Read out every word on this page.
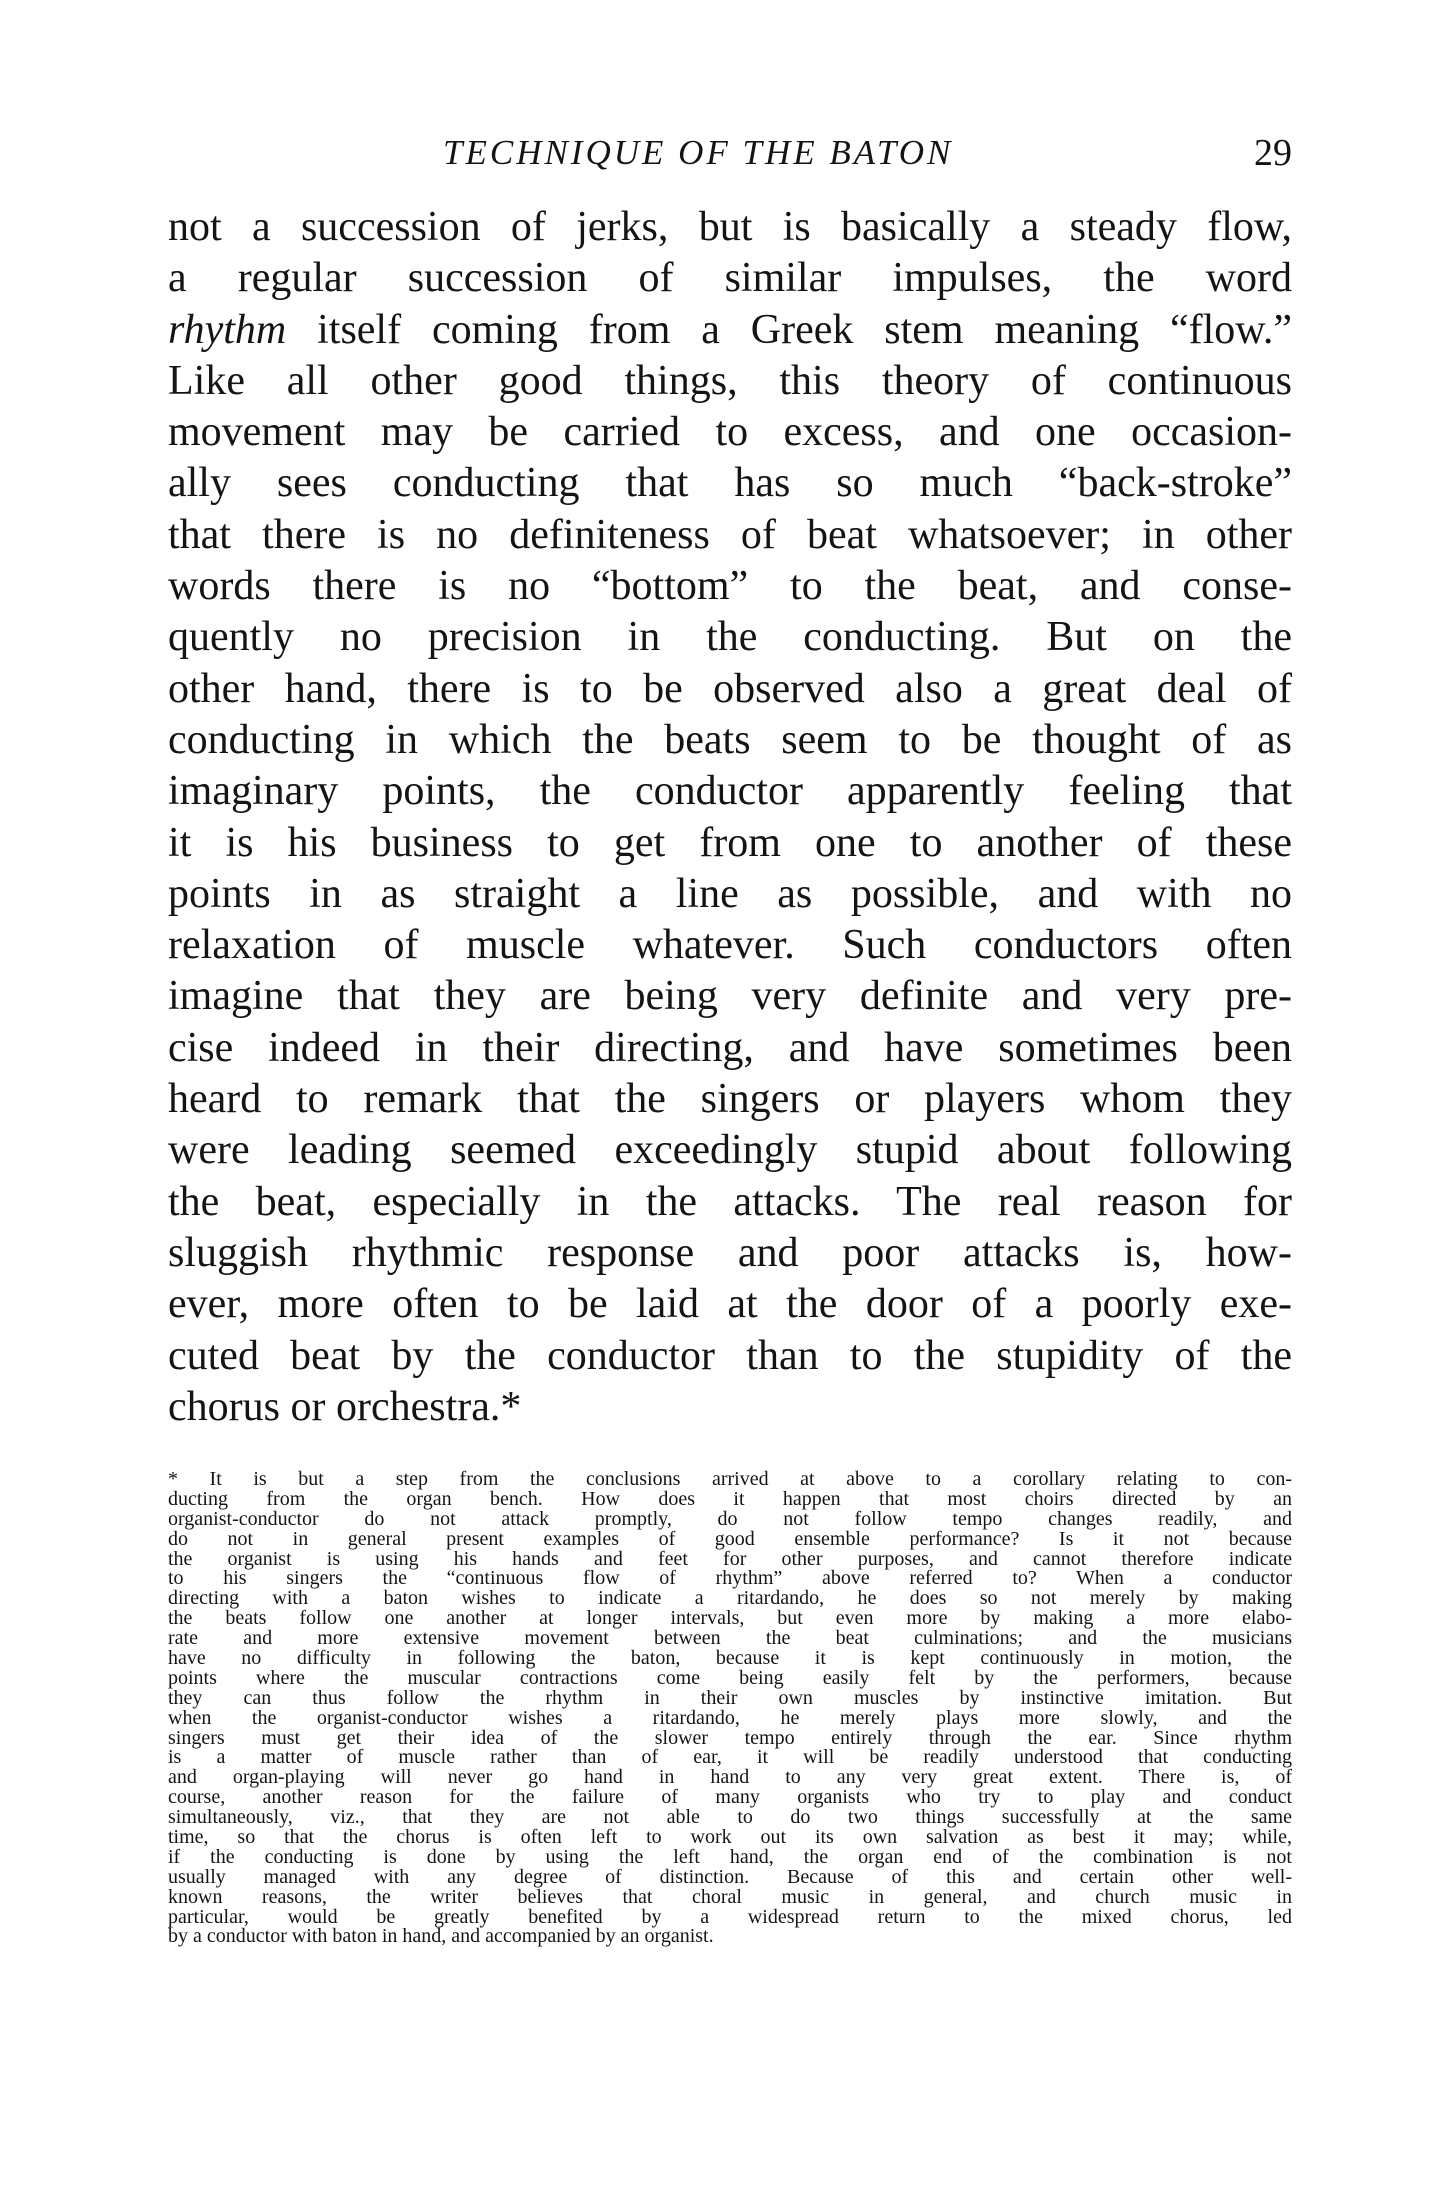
TECHNIQUE OF THE BATON	29
not a succession of jerks, but is basically a steady flow,
a regular succession of similar impulses, the word
rhythm itself coming from a Greek stem meaning “flow.”
Like all other good things, this theory of continuous
movement may be carried to excess, and one occasion-
ally sees conducting that has so much “back-stroke”
that there is no definiteness of beat whatsoever; in other
words there is no “bottom” to the beat, and conse-
quently no precision in the conducting. But on the
other hand, there is to be observed also a great deal of
conducting in which the beats seem to be thought of as
imaginary points, the conductor apparently feeling that
it is his business to get from one to another of these
points in as straight a line as possible, and with no
relaxation of muscle whatever. Such conductors often
imagine that they are being very definite and very pre-
cise indeed in their directing, and have sometimes been
heard to remark that the singers or players whom they
were leading seemed exceedingly stupid about following
the beat, especially in the attacks. The real reason for
sluggish rhythmic response and poor attacks is, how-
ever, more often to be laid at the door of a poorly exe-
cuted beat by the conductor than to the stupidity of the
chorus or orchestra.*
* It is but a step from the conclusions arrived at above to a corollary relating to con-
ducting from the organ bench. How does it happen that most choirs directed by an
organist-conductor do not attack promptly, do not follow tempo changes readily, and
do not in general present examples of good ensemble performance? Is it not because
the organist is using his hands and feet for other purposes, and cannot therefore indicate
to his singers the “continuous flow of rhythm” above referred to? When a conductor
directing with a baton wishes to indicate a ritardando, he does so not merely by making
the beats follow one another at longer intervals, but even more by making a more elabo-
rate and more extensive movement between the beat culminations; and the musicians
have no difficulty in following the baton, because it is kept continuously in motion, the
points where the muscular contractions come being easily felt by the performers, because
they can thus follow the rhythm in their own muscles by instinctive imitation. But
when the organist-conductor wishes a ritardando, he merely plays more slowly, and the
singers must get their idea of the slower tempo entirely through the ear. Since rhythm
is a matter of muscle rather than of ear, it will be readily understood that conducting
and organ-playing will never go hand in hand to any very great extent. There is, of
course, another reason for the failure of many organists who try to play and conduct
simultaneously, viz., that they are not able to do two things successfully at the same
time, so that the chorus is often left to work out its own salvation as best it may; while,
if the conducting is done by using the left hand, the organ end of the combination is not
usually managed with any degree of distinction. Because of this and certain other well-
known reasons, the writer believes that choral music in general, and church music in
particular, would be greatly benefited by a widespread return to the mixed chorus, led
by a conductor with baton in hand, and accompanied by an organist.
